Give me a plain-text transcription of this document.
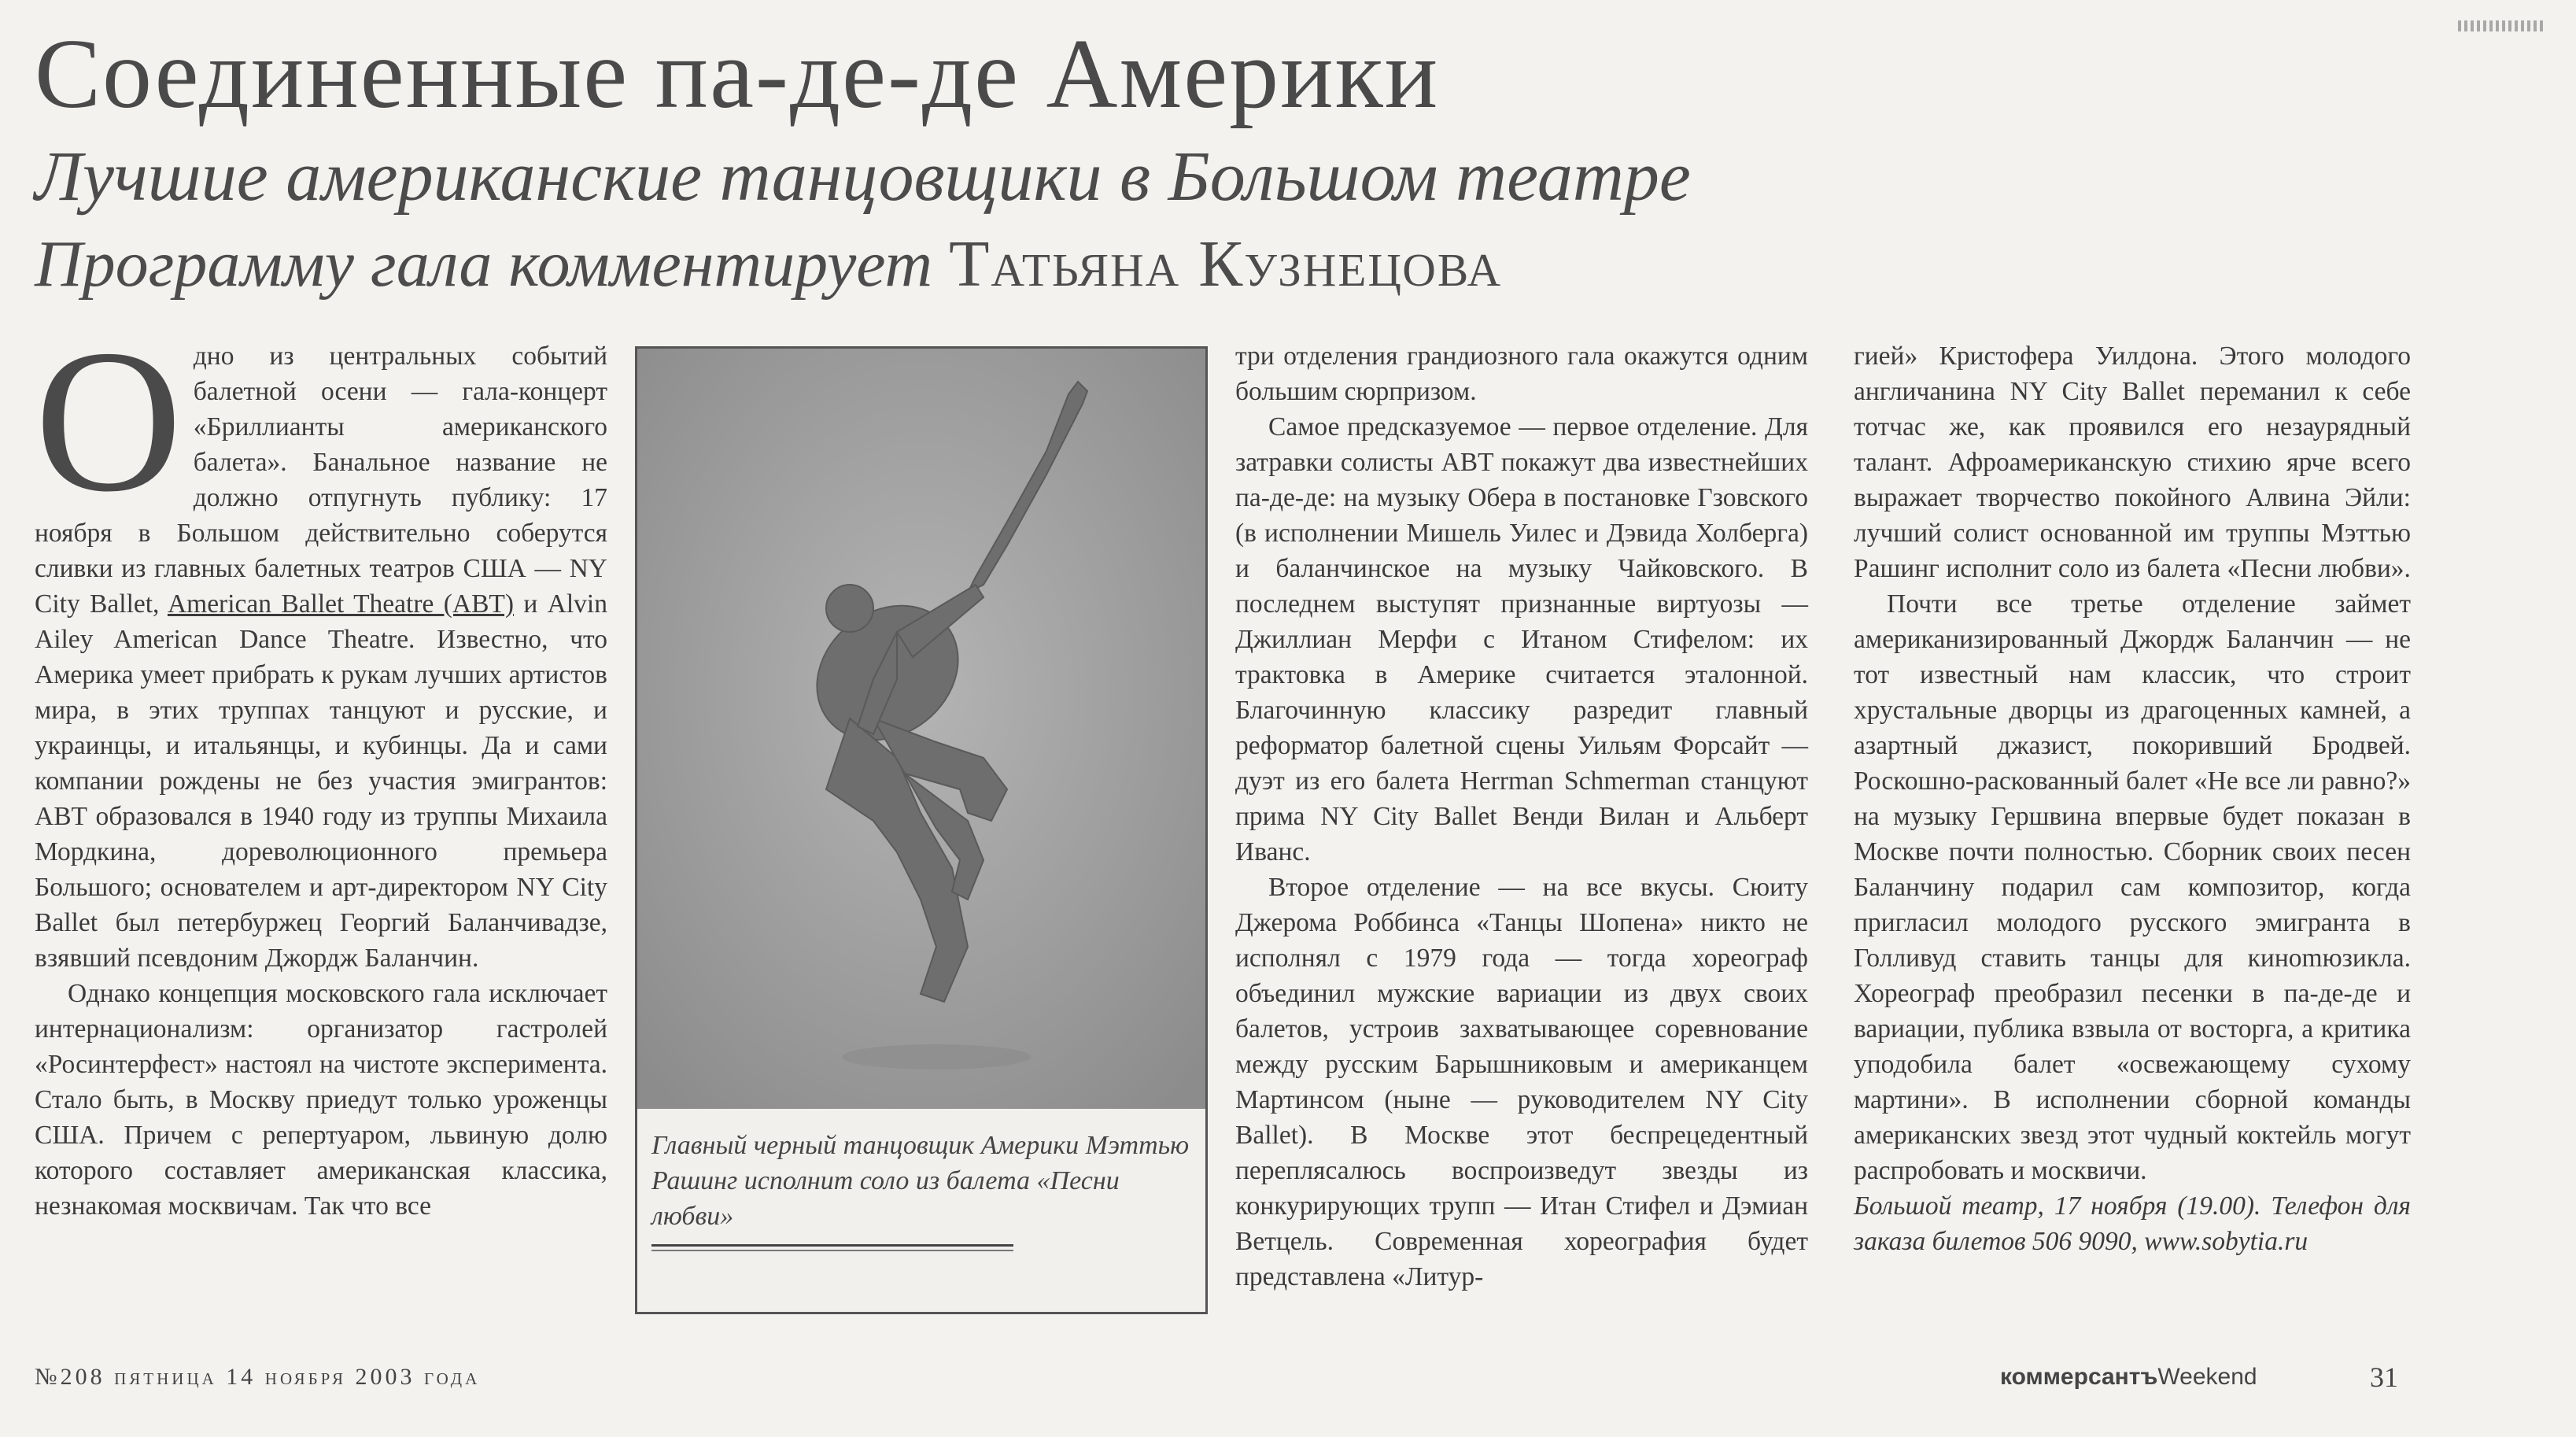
Соединенные па-де-де Америки
Лучшие американские танцовщики в Большом театре
Программу гала комментирует Татьяна Кузнецова

Одно из центральных событий балетной осени — гала-концерт «Бриллианты американского балета». Банальное название не должно отпугнуть публику: 17 ноября в Большом действительно соберутся сливки из главных балетных театров США — NY City Ballet, American Ballet Theatre (ABT) и Alvin Ailey American Dance Theatre. Известно, что Америка умеет прибрать к рукам лучших артистов мира, в этих труппах танцуют и русские, и украинцы, и итальянцы, и кубинцы. Да и сами компании рождены не без участия эмигрантов: ABT образовался в 1940 году из труппы Михаила Мордкина, дореволюционного премьера Большого; основателем и арт-директором NY City Ballet был петербуржец Георгий Баланчивадзе, взявший псевдоним Джордж Баланчин.

Однако концепция московского гала исключает интернационализм: организатор гастролей «Росинтерфест» настоял на чистоте эксперимента. Стало быть, в Москву приедут только уроженцы США. Причем с репертуаром, львиную долю которого составляет американская классика, незнакомая москвичам. Так что все

Главный черный танцовщик Америки Мэттью Рашинг исполнит соло из балета «Песни любви»

три отделения грандиозного гала окажутся одним большим сюрпризом.

Самое предсказуемое — первое отделение. Для затравки солисты ABT покажут два известнейших па-де-де: на музыку Обера в постановке Гзовского (в исполнении Мишель Уилес и Дэвида Холберга) и баланчинское на музыку Чайковского. В последнем выступят признанные виртуозы — Джиллиан Мерфи с Итаном Стифелом: их трактовка в Америке считается эталонной. Благочинную классику разредит главный реформатор балетной сцены Уильям Форсайт — дуэт из его балета Herrman Schmerman станцуют прима NY City Ballet Венди Вилан и Альберт Иванс.

Второе отделение — на все вкусы. Сюиту Джерома Роббинса «Танцы Шопена» никто не исполнял с 1979 года — тогда хореограф объединил мужские вариации из двух своих балетов, устроив захватывающее соревнование между русским Барышниковым и американцем Мартинсом (ныне — руководителем NY City Ballet). В Москве этот беспрецедентный переплясалюсь воспроизведут звезды из конкурирующих трупп — Итан Стифел и Дэмиан Ветцель. Современная хореография будет представлена «Литур-

гией» Кристофера Уилдона. Этого молодого англичанина NY City Ballet переманил к себе тотчас же, как проявился его незаурядный талант. Афроамериканскую стихию ярче всего выражает творчество покойного Алвина Эйли: лучший солист основанной им труппы Мэттью Рашинг исполнит соло из балета «Песни любви».

Почти все третье отделение займет американизированный Джордж Баланчин — не тот известный нам классик, что строит хрустальные дворцы из драгоценных камней, а азартный джазист, покоривший Бродвей. Роскошно-раскованный балет «Не все ли равно?» на музыку Гершвина впервые будет показан в Москве почти полностью. Сборник своих песен Баланчину подарил сам композитор, когда пригласил молодого русского эмигранта в Голливуд ставить танцы для кинomюзикла. Хореограф преобразил песенки в па-де-де и вариации, публика взвыла от восторга, а критика уподобила балет «освежающему сухому мартини». В исполнении сборной команды американских звезд этот чудный коктейль могут распробовать и москвичи.

Большой театр, 17 ноября (19.00). Телефон для заказа билетов 506 9090, www.sobytia.ru

№208 пятница 14 ноября 2003 года	коммерсантъWeekend	31
